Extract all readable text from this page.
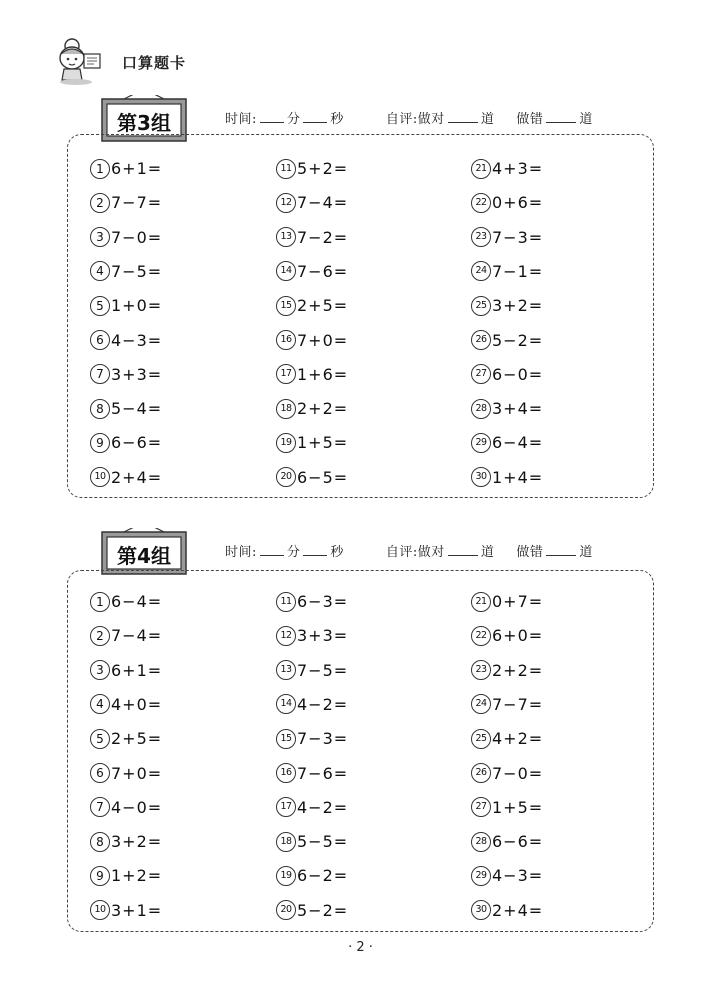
口算题卡
第3组	时间: 分 秒	自评:做对	道 做错	道
1 6+1=
2 7−7=
3 7−0=
4 7−5=
5 1+0=
6 4−3=
7 3+3=
8 5−4=
9 6−6=
10 2+4=
11 5+2=
12 7−4=
13 7−2=
14 7−6=
15 2+5=
16 7+0=
17 1+6=
18 2+2=
19 1+5=
20 6−5=
21 4+3=
22 0+6=
23 7−3=
24 7−1=
25 3+2=
26 5−2=
27 6−0=
28 3+4=
29 6−4=
30 1+4=
第4组	时间: 分 秒	自评:做对	道 做错	道
1 6−4=
2 7−4=
3 6+1=
4 4+0=
5 2+5=
6 7+0=
7 4−0=
8 3+2=
9 1+2=
10 3+1=
11 6−3=
12 3+3=
13 7−5=
14 4−2=
15 7−3=
16 7−6=
17 4−2=
18 5−5=
19 6−2=
20 5−2=
21 0+7=
22 6+0=
23 2+2=
24 7−7=
25 4+2=
26 7−0=
27 1+5=
28 6−6=
29 4−3=
30 2+4=
· 2 ·
